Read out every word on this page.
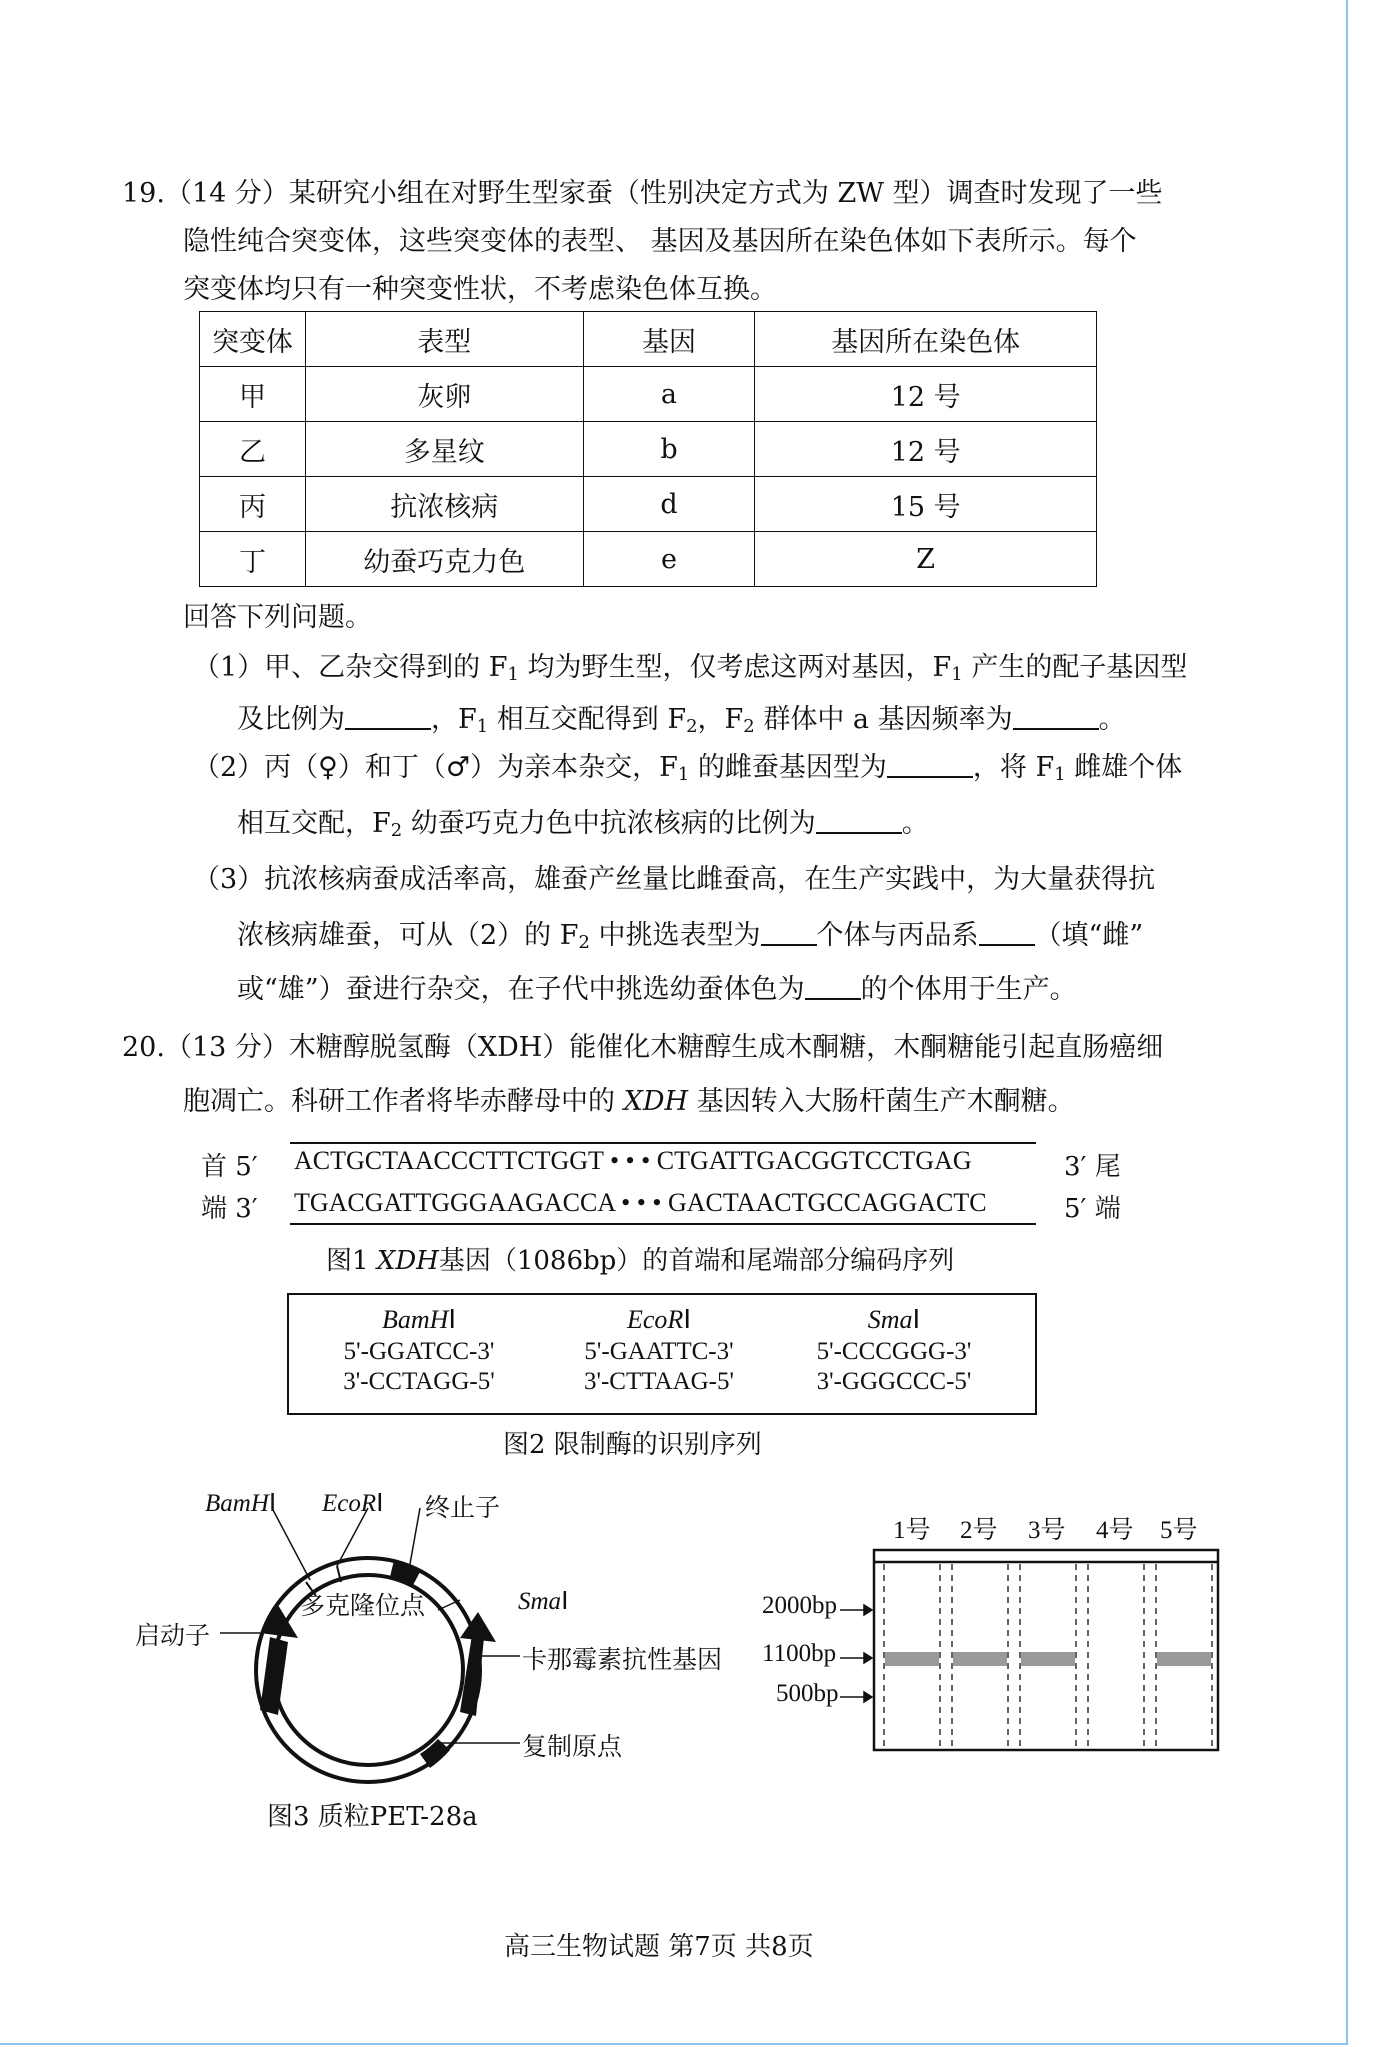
19.（14 分）某研究小组在对野生型家蚕（性别决定方式为 ZW 型）调查时发现了一些
隐性纯合突变体，这些突变体的表型、 基因及基因所在染色体如下表所示。每个
突变体均只有一种突变性状，不考虑染色体互换。
突变体	表型	基因	基因所在染色体
甲	灰卵	a	12 号
乙	多星纹	b	12 号
丙	抗浓核病	d	15 号
丁	幼蚕巧克力色	e	Z
回答下列问题。
（1）甲、乙杂交得到的 $F_1$ 均为野生型，仅考虑这两对基因，$F_1$ 产生的配子基因型
及比例为	，$F_1$ 相互交配得到 $F_2$，$F_2$ 群体中 a 基因频率为	。
（2）丙（♀）和丁（♂）为亲本杂交，$F_1$ 的雌蚕基因型为	，将 $F_1$ 雌雄个体
相互交配，$F_2$ 幼蚕巧克力色中抗浓核病的比例为	。
（3）抗浓核病蚕成活率高，雄蚕产丝量比雌蚕高，在生产实践中，为大量获得抗
浓核病雄蚕，可从（2）的 $F_2$ 中挑选表型为 个体与丙品系 （填“雌”
或“雄”）蚕进行杂交，在子代中挑选幼蚕体色为 的个体用于生产。
20.（13 分）木糖醇脱氢酶（XDH）能催化木糖醇生成木酮糖，木酮糖能引起直肠癌细
胞凋亡。科研工作者将毕赤酵母中的 XDH 基因转入大肠杆菌生产木酮糖。
首 5′
端 3′
ACTGCTAACCCTTCTGGT • • • CTGATTGACGGTCCTGAG
TGACGATTGGGAAGACCA • • • GACTAACTGCCAGGACTC
3′ 尾
5′ 端
图1 XDH基因（1086bp）的首端和尾端部分编码序列
BamHⅠ
5'-GGATCC-3'
3'-CCTAGG-5'
EcoRⅠ
5'-GAATTC-3'
3'-CTTAAG-5'
SmaⅠ
5'-CCCGGG-3'
3'-GGGCCC-5'
图2 限制酶的识别序列
BamHⅠ EcoRⅠ 终止子
多克隆位点	SmaⅠ
启动子
卡那霉素抗性基因
复制原点
图3 质粒PET-28a
1号 2号 3号 4号 5号
2000bp
1100bp
500bp
高三生物试题 第7页 共8页
